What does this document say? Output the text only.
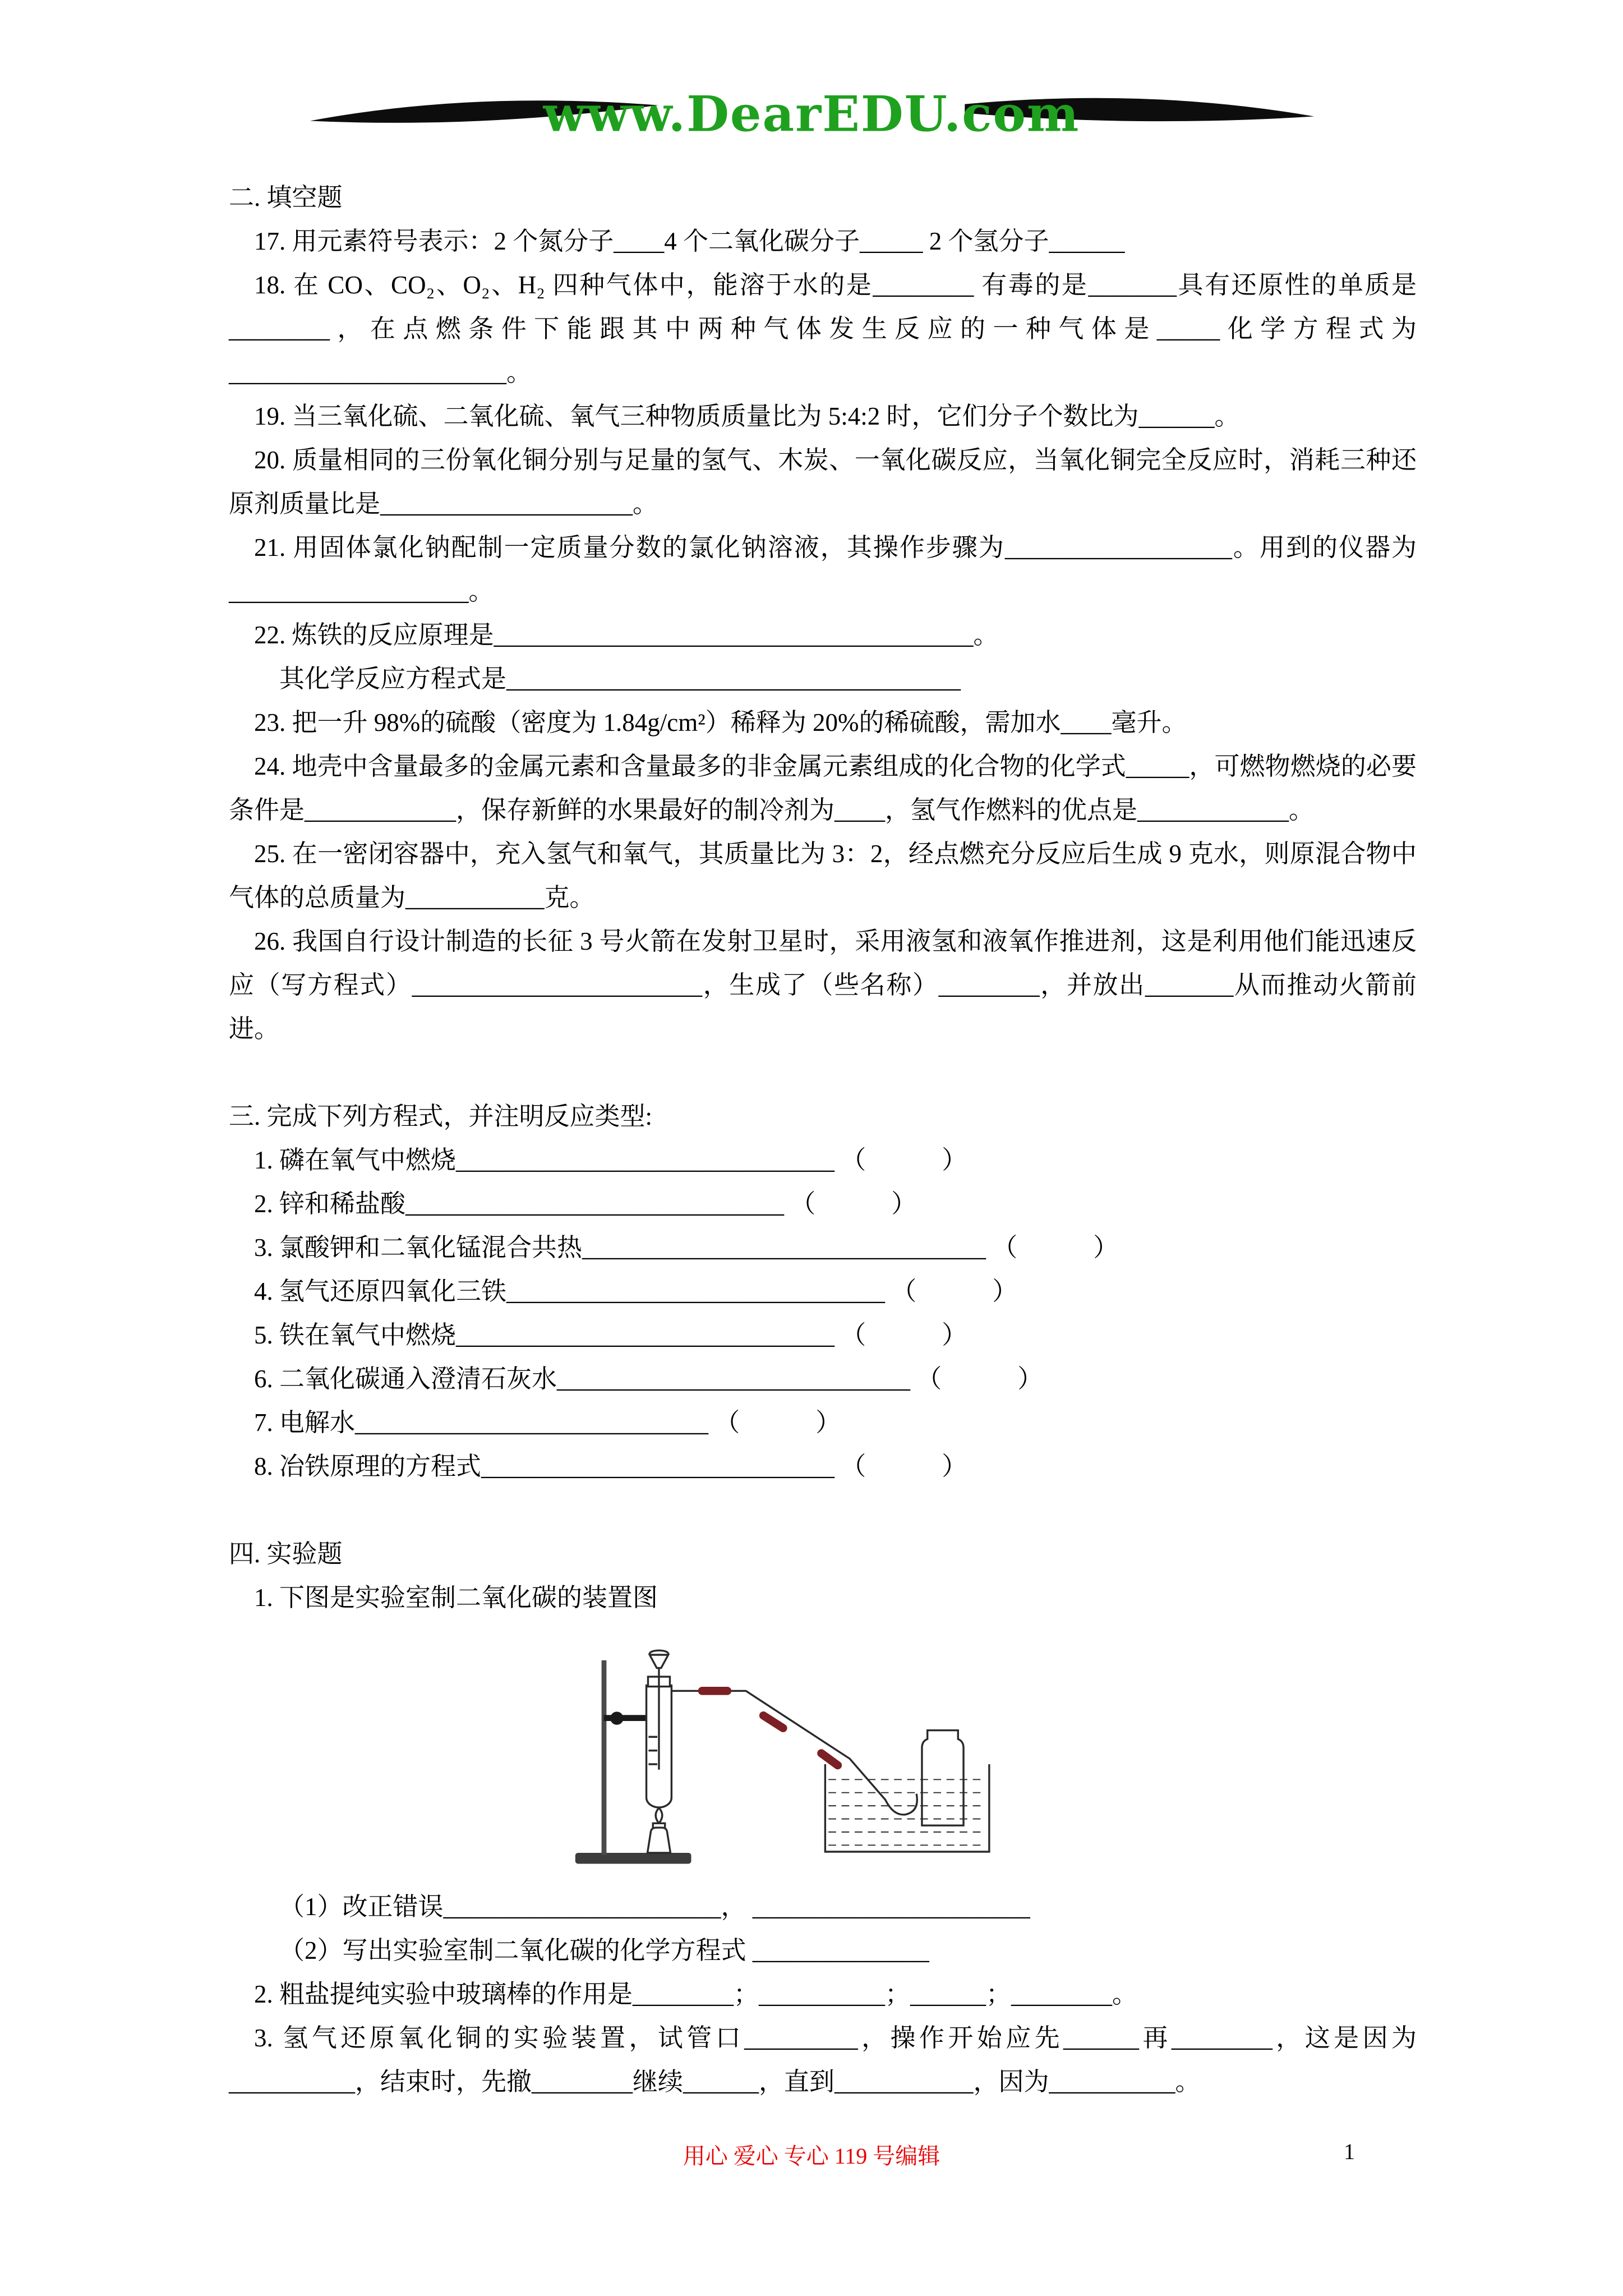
www.DearEDU.com

二. 填空题

17. 用元素符号表示：2 个氮分子____4 个二氧化碳分子_____ 2 个氢分子______

18. 在 CO、CO₂、O₂、H₂ 四种气体中，能溶于水的是________ 有毒的是_______具有还原性的单质是________，在点燃条件下能跟其中两种气体发生反应的一种气体是_____化学方程式为______________________。

19. 当三氧化硫、二氧化硫、氧气三种物质质量比为 5:4:2 时，它们分子个数比为______。

20. 质量相同的三份氧化铜分别与足量的氢气、木炭、一氧化碳反应，当氧化铜完全反应时，消耗三种还原剂质量比是____________________。

21. 用固体氯化钠配制一定质量分数的氯化钠溶液，其操作步骤为__________________。用到的仪器为___________________。

22. 炼铁的反应原理是______________________________________。

其化学反应方程式是____________________________________

23. 把一升 98%的硫酸（密度为 1.84g/cm²）稀释为 20%的稀硫酸，需加水____毫升。

24. 地壳中含量最多的金属元素和含量最多的非金属元素组成的化合物的化学式_____，可燃物燃烧的必要条件是____________，保存新鲜的水果最好的制冷剂为____，氢气作燃料的优点是____________。

25. 在一密闭容器中，充入氢气和氧气，其质量比为 3：2，经点燃充分反应后生成 9 克水，则原混合物中气体的总质量为___________克。

26. 我国自行设计制造的长征 3 号火箭在发射卫星时，采用液氢和液氧作推进剂，这是利用他们能迅速反应（写方程式）_______________________，生成了（些名称）________，并放出_______从而推动火箭前进。

三. 完成下列方程式，并注明反应类型:

1. 磷在氧气中燃烧______________________________ （　　　）

2. 锌和稀盐酸______________________________ （　　　）

3. 氯酸钾和二氧化锰混合共热________________________________ （　　　）

4. 氢气还原四氧化三铁______________________________ （　　　）

5. 铁在氧气中燃烧______________________________ （　　　）

6. 二氧化碳通入澄清石灰水____________________________ （　　　）

7. 电解水____________________________ （　　　）

8. 冶铁原理的方程式____________________________ （　　　）

四. 实验题

1. 下图是实验室制二氧化碳的装置图

（1）改正错误______________________， ______________________

（2）写出实验室制二氧化碳的化学方程式 ______________

2. 粗盐提纯实验中玻璃棒的作用是________；__________；______；________。

3. 氢气还原氧化铜的实验装置，试管口_________，操作开始应先______再________，这是因为__________，结束时，先撤________继续______，直到___________，因为__________。

用心 爱心 专心 119 号编辑	1
